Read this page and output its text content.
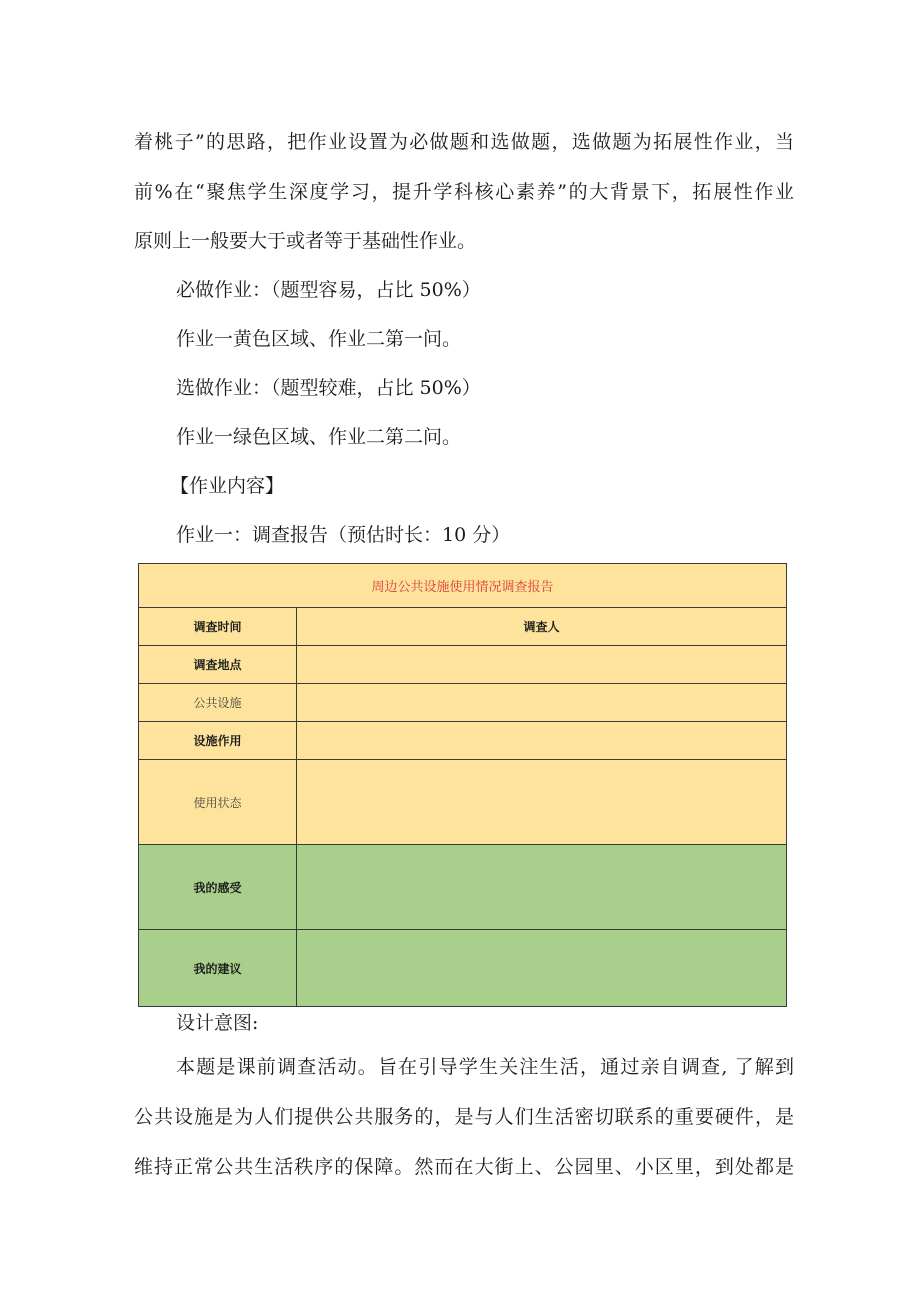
着桃子”的思路，把作业设置为必做题和选做题，选做题为拓展性作业，当
前%在“聚焦学生深度学习，提升学科核心素养”的大背景下，拓展性作业
原则上一般要大于或者等于基础性作业。
必做作业：（题型容易，占比 50%）
作业一黄色区域、作业二第一问。
选做作业：（题型较难，占比 50%）
作业一绿色区域、作业二第二问。
【作业内容】
作业一：调查报告（预估时长：10 分）
周边公共设施使用情况调查报告	
调查时间	调查人
调查地点	
公共设施	
设施作用	
使用状态	
我的感受	
我的建议	
设计意图:
本题是课前调查活动。旨在引导学生关注生活，通过亲自调查, 了解到
公共设施是为人们提供公共服务的，是与人们生活密切联系的重要硬件，是
维持正常公共生活秩序的保障。然而在大街上、公园里、小区里，到处都是
